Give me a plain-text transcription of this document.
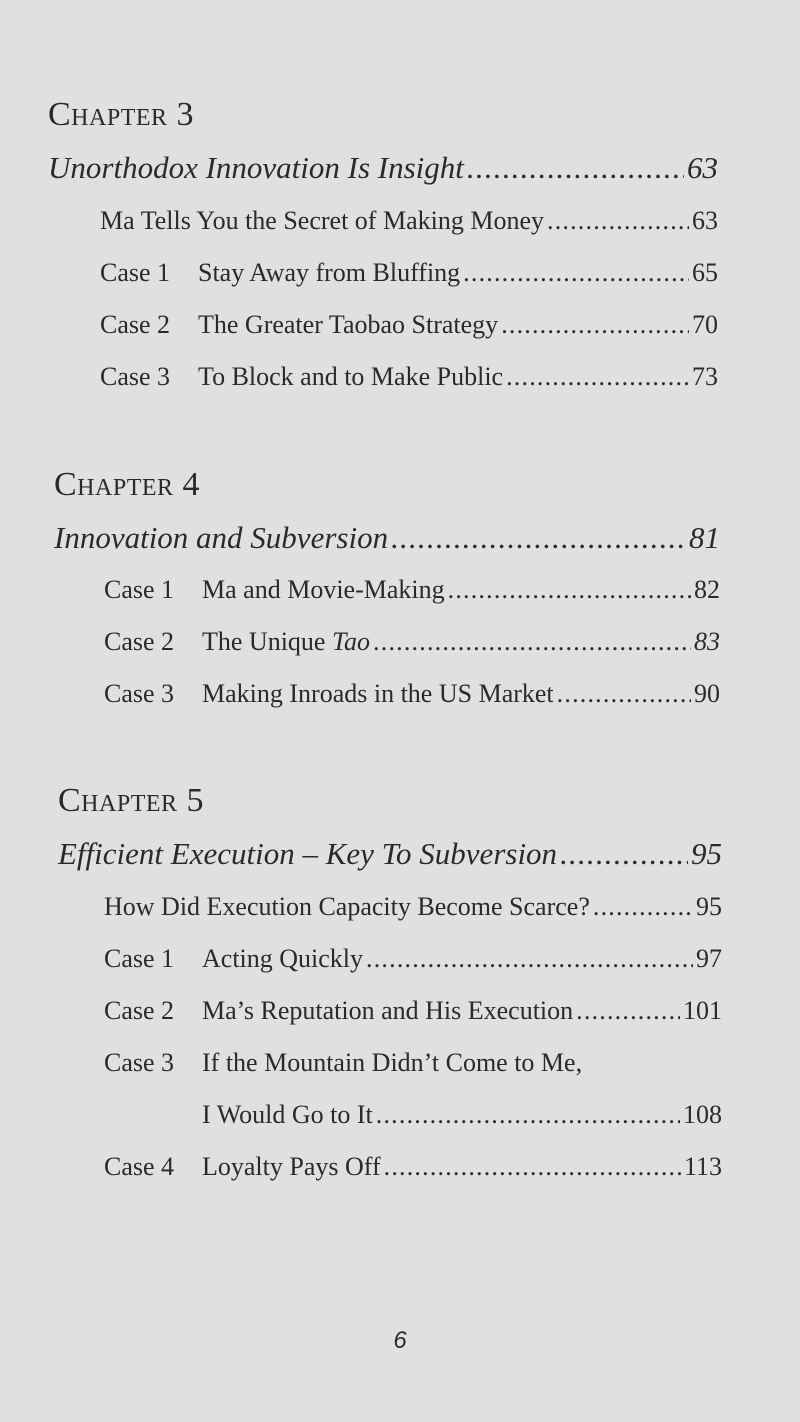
Chapter 3
Unorthodox Innovation Is Insight .....	63
Ma Tells You the Secret of Making Money .....	63
Case 1	Stay Away from Bluffing .....	65
Case 2	The Greater Taobao Strategy .....	70
Case 3	To Block and to Make Public .....	73
Chapter 4
Innovation and Subversion .....	81
Case 1	Ma and Movie-Making .....	82
Case 2	The Unique Tao .....	83
Case 3	Making Inroads in the US Market .....	90
Chapter 5
Efficient Execution – Key To Subversion .....	95
How Did Execution Capacity Become Scarce? .....	95
Case 1	Acting Quickly .....	97
Case 2	Ma’s Reputation and His Execution .....	101
Case 3	If the Mountain Didn’t Come to Me,
I Would Go to It .....	108
Case 4	Loyalty Pays Off .....	113
6
